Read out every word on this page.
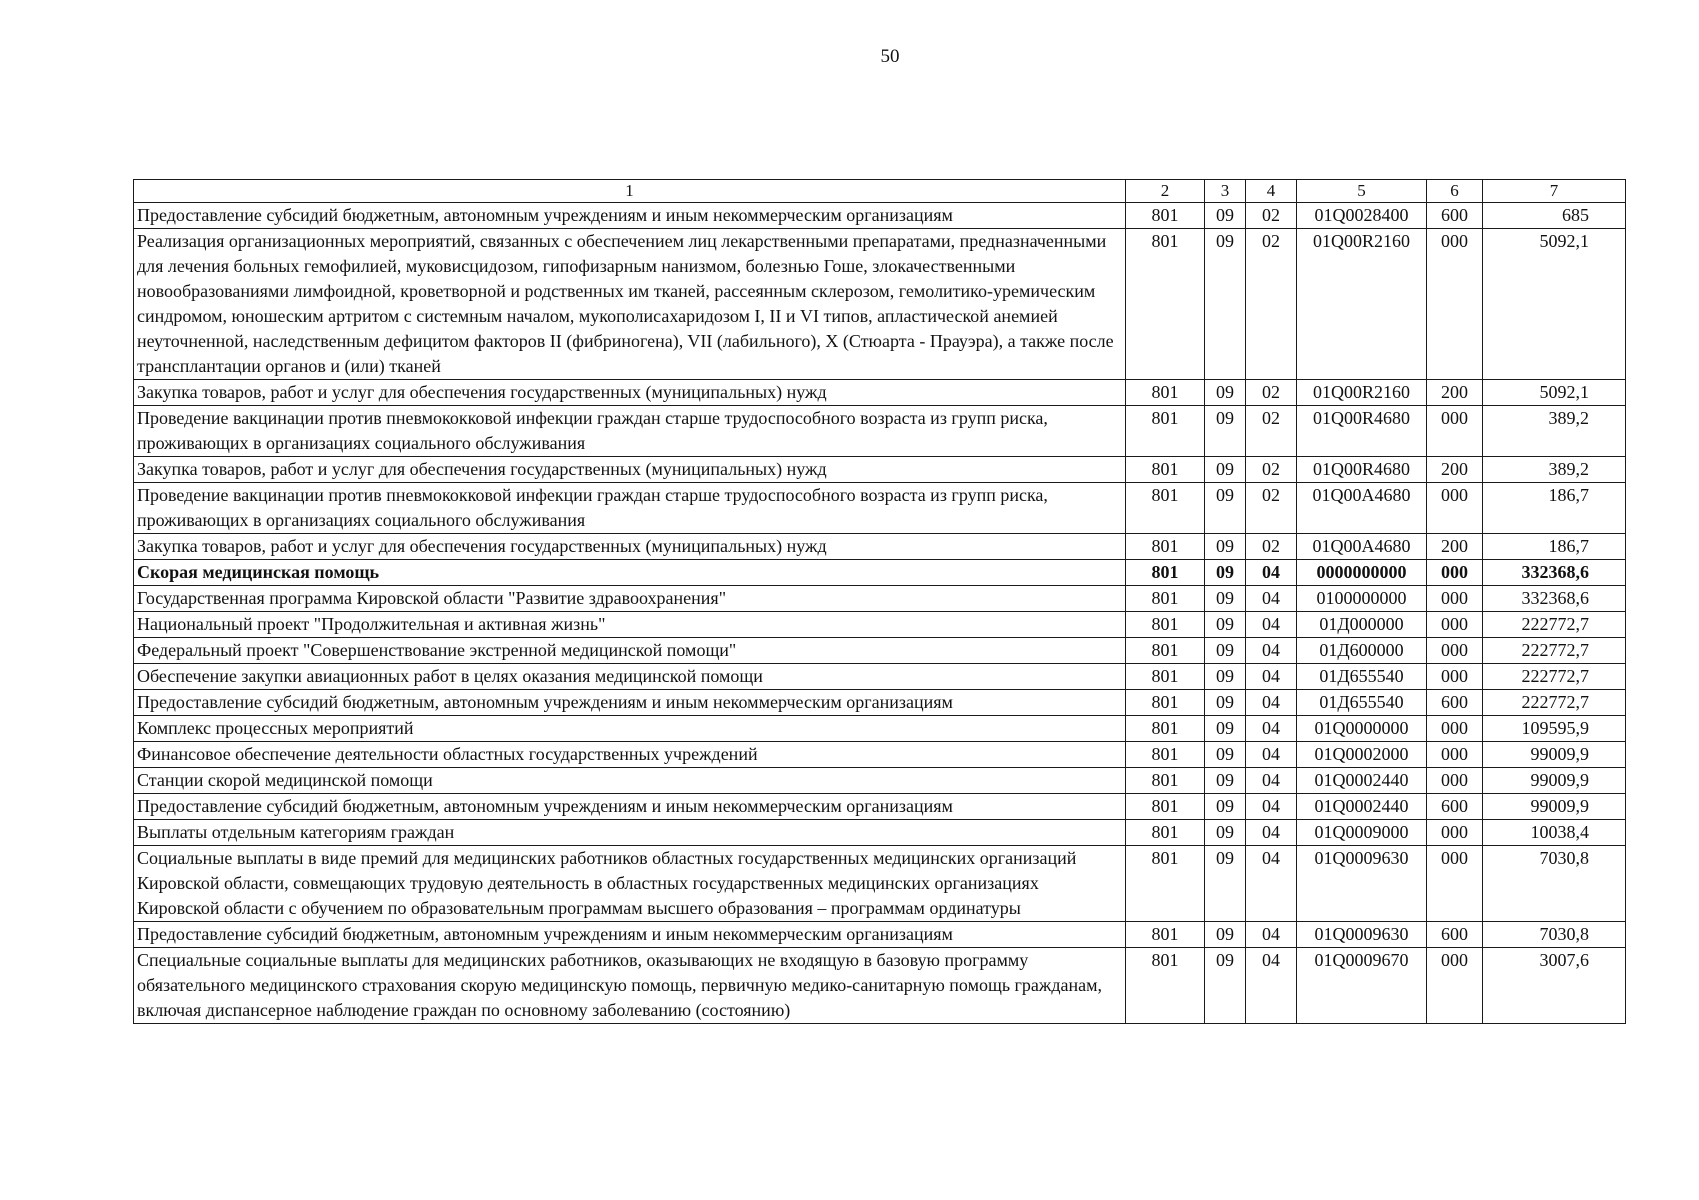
50
1	2	3	4	5	6	7
Предоставление субсидий бюджетным, автономным учреждениям и иным некоммерческим организациям	801	09	02	01Q0028400	600	685
Реализация организационных мероприятий, связанных с обеспечением лиц лекарственными препаратами, предназначенными для лечения больных гемофилией, муковисцидозом, гипофизарным нанизмом, болезнью Гоше, злокачественными новообразованиями лимфоидной, кроветворной и родственных им тканей, рассеянным склерозом, гемолитико-уремическим синдромом, юношеским артритом с системным началом, мукополисахаридозом I, II и VI типов, апластической анемией неуточненной, наследственным дефицитом факторов II (фибриногена), VII (лабильного), X (Стюарта - Прауэра), а также после трансплантации органов и (или) тканей	801	09	02	01Q00R2160	000	5092,1
Закупка товаров, работ и услуг для обеспечения государственных (муниципальных) нужд	801	09	02	01Q00R2160	200	5092,1
Проведение вакцинации против пневмококковой инфекции граждан старше трудоспособного возраста из групп риска, проживающих в организациях социального обслуживания	801	09	02	01Q00R4680	000	389,2
Закупка товаров, работ и услуг для обеспечения государственных (муниципальных) нужд	801	09	02	01Q00R4680	200	389,2
Проведение вакцинации против пневмококковой инфекции граждан старше трудоспособного возраста из групп риска, проживающих в организациях социального обслуживания	801	09	02	01Q00A4680	000	186,7
Закупка товаров, работ и услуг для обеспечения государственных (муниципальных) нужд	801	09	02	01Q00A4680	200	186,7
Скорая медицинская помощь	801	09	04	0000000000	000	332368,6
Государственная программа Кировской области "Развитие здравоохранения"	801	09	04	0100000000	000	332368,6
Национальный проект "Продолжительная и активная жизнь"	801	09	04	01Д000000	000	222772,7
Федеральный проект "Совершенствование экстренной медицинской помощи"	801	09	04	01Д600000	000	222772,7
Обеспечение закупки авиационных работ в целях оказания медицинской помощи	801	09	04	01Д655540	000	222772,7
Предоставление субсидий бюджетным, автономным учреждениям и иным некоммерческим организациям	801	09	04	01Д655540	600	222772,7
Комплекс процессных мероприятий	801	09	04	01Q0000000	000	109595,9
Финансовое обеспечение деятельности областных государственных учреждений	801	09	04	01Q0002000	000	99009,9
Станции скорой медицинской помощи	801	09	04	01Q0002440	000	99009,9
Предоставление субсидий бюджетным, автономным учреждениям и иным некоммерческим организациям	801	09	04	01Q0002440	600	99009,9
Выплаты отдельным категориям граждан	801	09	04	01Q0009000	000	10038,4
Социальные выплаты в виде премий для медицинских работников областных государственных медицинских организаций Кировской области, совмещающих трудовую деятельность в областных государственных медицинских организациях Кировской области с обучением по образовательным программам высшего образования – программам ординатуры	801	09	04	01Q0009630	000	7030,8
Предоставление субсидий бюджетным, автономным учреждениям и иным некоммерческим организациям	801	09	04	01Q0009630	600	7030,8
Специальные социальные выплаты для медицинских работников, оказывающих не входящую в базовую программу обязательного медицинского страхования скорую медицинскую помощь, первичную медико-санитарную помощь гражданам, включая диспансерное наблюдение граждан по основному заболеванию (состоянию)	801	09	04	01Q0009670	000	3007,6
